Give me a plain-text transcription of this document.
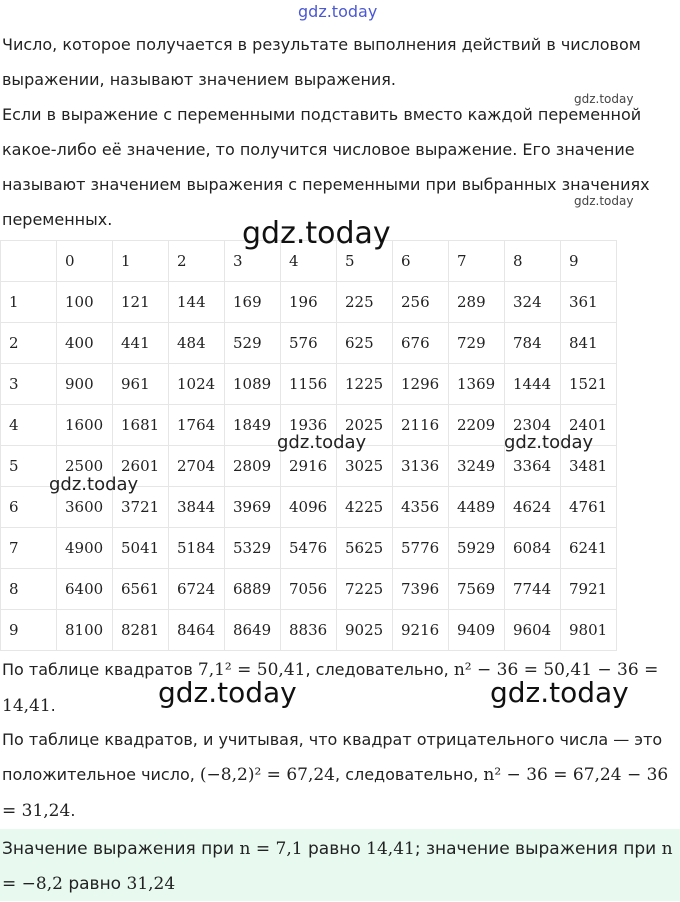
gdz.today
gdz.today
gdz.today
Число, которое получается в результате выполнения действий в числовом выражении, называют значением выражения.
Если в выражение с переменными подставить вместо каждой переменной какое-либо её значение, то получится числовое выражение. Его значение называют значением выражения с переменными при выбранных значениях переменных.
	0	1	2	3	4	5	6	7	8	9
1	100	121	144	169	196	225	256	289	324	361
2	400	441	484	529	576	625	676	729	784	841
3	900	961	1024	1089	1156	1225	1296	1369	1444	1521
4	1600	1681	1764	1849	1936	2025	2116	2209	2304	2401
5	2500	2601	2704	2809	2916	3025	3136	3249	3364	3481
6	3600	3721	3844	3969	4096	4225	4356	4489	4624	4761
7	4900	5041	5184	5329	5476	5625	5776	5929	6084	6241
8	6400	6561	6724	6889	7056	7225	7396	7569	7744	7921
9	8100	8281	8464	8649	8836	9025	9216	9409	9604	9801
gdz.today
gdz.today	gdz.today
gdz.today
По таблице квадратов 7,1² = 50,41, следовательно, n² − 36 = 50,41 − 36 = 14,41.	gdz.today	gdz.today
По таблице квадратов, и учитывая, что квадрат отрицательного числа — это положительное число, (−8,2)² = 67,24, следовательно, n² − 36 = 67,24 − 36 = 31,24.
Значение выражения при n = 7,1 равно 14,41; значение выражения при n = −8,2 равно 31,24
